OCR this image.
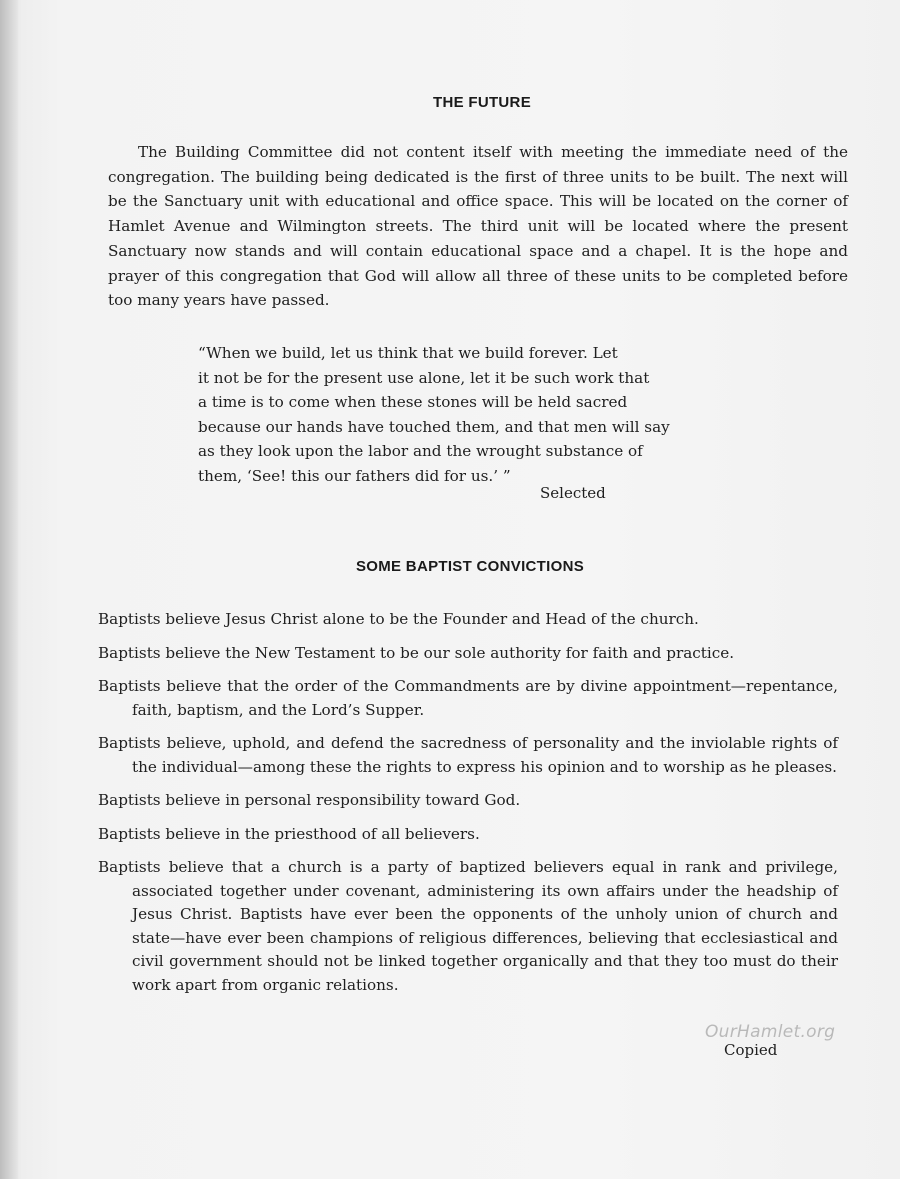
THE FUTURE

The Building Committee did not content itself with meeting the immediate need of the congregation. The building being dedicated is the first of three units to be built. The next will be the Sanctuary unit with educational and office space. This will be located on the corner of Hamlet Avenue and Wilmington streets. The third unit will be located where the present Sanctuary now stands and will contain educational space and a chapel. It is the hope and prayer of this congregation that God will allow all three of these units to be completed before too many years have passed.

“When we build, let us think that we build forever. Let
it not be for the present use alone, let it be such work that
a time is to come when these stones will be held sacred
because our hands have touched them, and that men will say
as they look upon the labor and the wrought substance of
them, ‘See! this our fathers did for us.’ ”
Selected
SOME BAPTIST CONVICTIONS
Baptists believe Jesus Christ alone to be the Founder and Head of the church.
Baptists believe the New Testament to be our sole authority for faith and practice.
Baptists believe that the order of the Commandments are by divine appointment—repentance, faith, baptism, and the Lord’s Supper.
Baptists believe, uphold, and defend the sacredness of personality and the inviolable rights of the individual—among these the rights to express his opinion and to worship as he pleases.
Baptists believe in personal responsibility toward God.
Baptists believe in the priesthood of all believers.
Baptists believe that a church is a party of baptized believers equal in rank and privilege, associated together under covenant, administering its own affairs under the headship of Jesus Christ. Baptists have ever been the opponents of the unholy union of church and state—have ever been champions of religious differences, believing that ecclesiastical and civil government should not be linked together organically and that they too must do their work apart from organic relations.
OurHamlet.org
Copied
